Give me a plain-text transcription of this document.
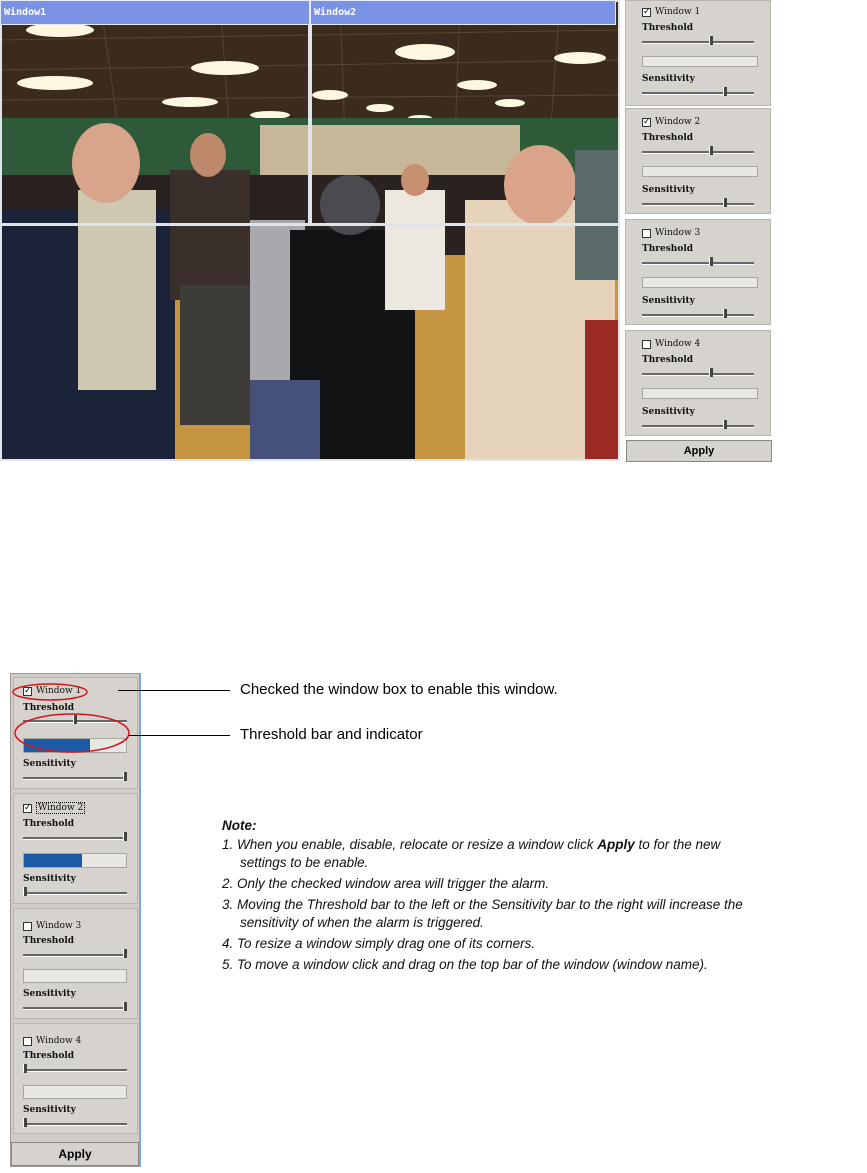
Window1	Window2	✓ Window 1
Threshold
Sensitivity
✓ Window 2
Threshold
Sensitivity
Window 3
Threshold
Sensitivity
Window 4
Threshold
Sensitivity
Apply
✓ Window 1
Threshold
Sensitivity
✓ Window 2
Threshold
Sensitivity
Window 3
Threshold
Sensitivity
Window 4
Threshold
Sensitivity
Apply
Checked the window box to enable this window.
Threshold bar and indicator
Note:
1. When you enable, disable, relocate or resize a window click Apply to for the new
settings to be enable.
2. Only the checked window area will trigger the alarm.
3. Moving the Threshold bar to the left or the Sensitivity bar to the right will increase the
sensitivity of when the alarm is triggered.
4. To resize a window simply drag one of its corners.
5. To move a window click and drag on the top bar of the window (window name).
